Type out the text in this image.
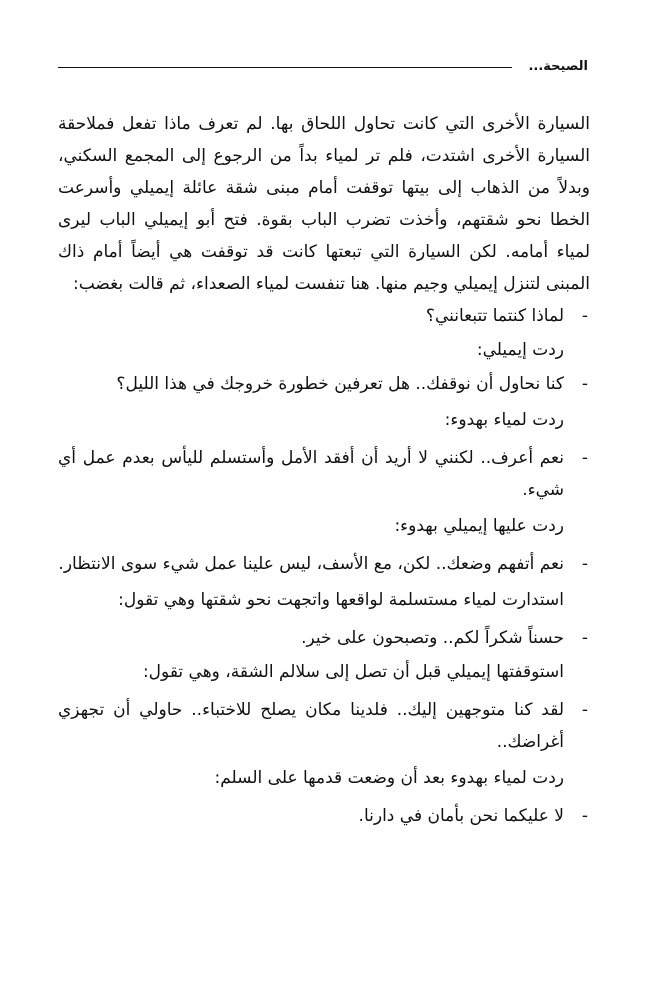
الصيحة...

السيارة الأخرى التي كانت تحاول اللحاق بها. لم تعرف ماذا تفعل فملاحقة السيارة الأخرى اشتدت، فلم تر لمياء بداً من الرجوع إلى المجمع السكني، وبدلاً من الذهاب إلى بيتها توقفت أمام مبنى شقة عائلة إيميلي وأسرعت الخطا نحو شقتهم، وأخذت تضرب الباب بقوة. فتح أبو إيميلي الباب ليرى لمياء أمامه. لكن السيارة التي تبعتها كانت قد توقفت هي أيضاً أمام ذاك المبنى لتنزل إيميلي وجيم منها. هنا تنفست لمياء الصعداء، ثم قالت بغضب:

-
لماذا كنتما تتبعانني؟

ردت إيميلي:

-
كنا نحاول أن نوقفك.. هل تعرفين خطورة خروجك في هذا الليل؟

ردت لمياء بهدوء:

-
نعم أعرف.. لكنني لا أريد أن أفقد الأمل وأستسلم لليأس بعدم عمل أي شيء.

ردت عليها إيميلي بهدوء:

-
نعم أتفهم وضعك.. لكن، مع الأسف، ليس علينا عمل شيء سوى الانتظار.

استدارت لمياء مستسلمة لواقعها واتجهت نحو شقتها وهي تقول:

-
حسناً شكراً لكم.. وتصبحون على خير.

استوقفتها إيميلي قبل أن تصل إلى سلالم الشقة، وهي تقول:

-
لقد كنا متوجهين إليك.. فلدينا مكان يصلح للاختباء.. حاولي أن تجهزي أغراضك..

ردت لمياء بهدوء بعد أن وضعت قدمها على السلم:

-
لا عليكما نحن بأمان في دارنا.
